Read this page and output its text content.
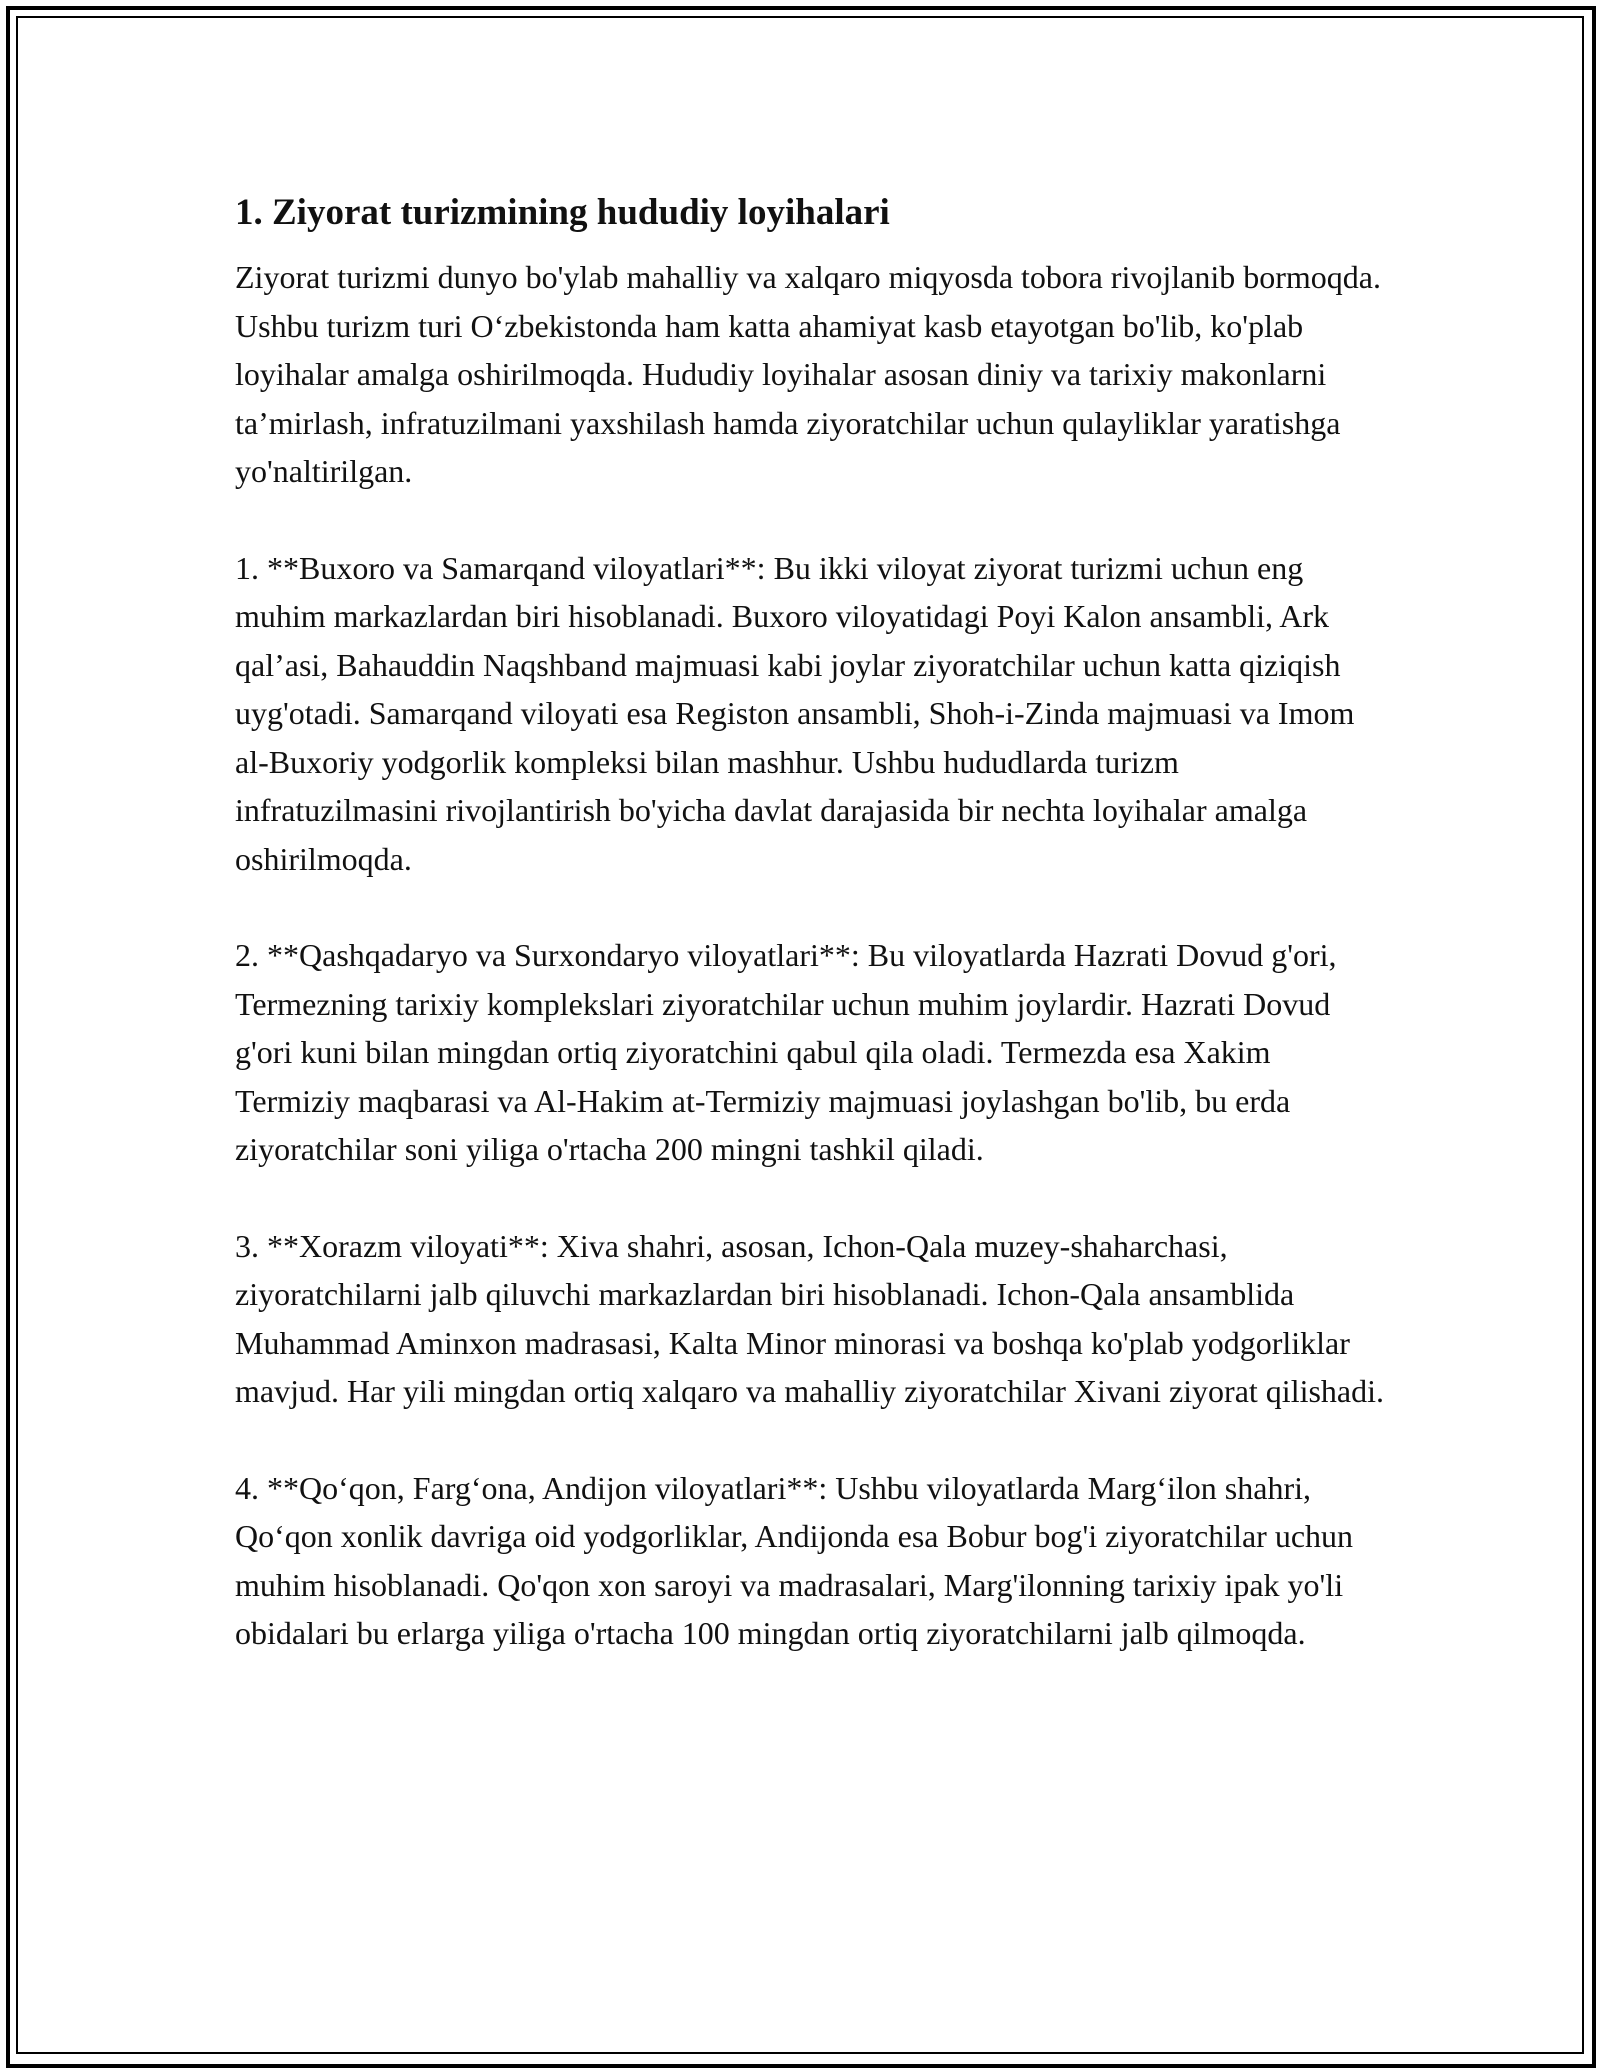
1. Ziyorat turizmining hududiy loyihalari

Ziyorat turizmi dunyo bo'ylab mahalliy va xalqaro miqyosda tobora rivojlanib bormoqda. Ushbu turizm turi O‘zbekistonda ham katta ahamiyat kasb etayotgan bo'lib, ko'plab loyihalar amalga oshirilmoqda. Hududiy loyihalar asosan diniy va tarixiy makonlarni ta’mirlash, infratuzilmani yaxshilash hamda ziyoratchilar uchun qulayliklar yaratishga yo'naltirilgan.

1. **Buxoro va Samarqand viloyatlari**: Bu ikki viloyat ziyorat turizmi uchun eng muhim markazlardan biri hisoblanadi. Buxoro viloyatidagi Poyi Kalon ansambli, Ark qal’asi, Bahauddin Naqshband majmuasi kabi joylar ziyoratchilar uchun katta qiziqish uyg'otadi. Samarqand viloyati esa Registon ansambli, Shoh-i-Zinda majmuasi va Imom al-Buxoriy yodgorlik kompleksi bilan mashhur. Ushbu hududlarda turizm infratuzilmasini rivojlantirish bo'yicha davlat darajasida bir nechta loyihalar amalga oshirilmoqda.

2. **Qashqadaryo va Surxondaryo viloyatlari**: Bu viloyatlarda Hazrati Dovud g'ori, Termezning tarixiy komplekslari ziyoratchilar uchun muhim joylardir. Hazrati Dovud g'ori kuni bilan mingdan ortiq ziyoratchini qabul qila oladi. Termezda esa Xakim Termiziy maqbarasi va Al-Hakim at-Termiziy majmuasi joylashgan bo'lib, bu erda ziyoratchilar soni yiliga o'rtacha 200 mingni tashkil qiladi.

3. **Xorazm viloyati**: Xiva shahri, asosan, Ichon-Qala muzey-shaharchasi, ziyoratchilarni jalb qiluvchi markazlardan biri hisoblanadi. Ichon-Qala ansamblida Muhammad Aminxon madrasasi, Kalta Minor minorasi va boshqa ko'plab yodgorliklar mavjud. Har yili mingdan ortiq xalqaro va mahalliy ziyoratchilar Xivani ziyorat qilishadi.

4. **Qo‘qon, Farg‘ona, Andijon viloyatlari**: Ushbu viloyatlarda Marg‘ilon shahri, Qo‘qon xonlik davriga oid yodgorliklar, Andijonda esa Bobur bog'i ziyoratchilar uchun muhim hisoblanadi. Qo'qon xon saroyi va madrasalari, Marg'ilonning tarixiy ipak yo'li obidalari bu erlarga yiligа o'rtacha 100 mingdan ortiq ziyoratchilarni jalb qilmoqda.
